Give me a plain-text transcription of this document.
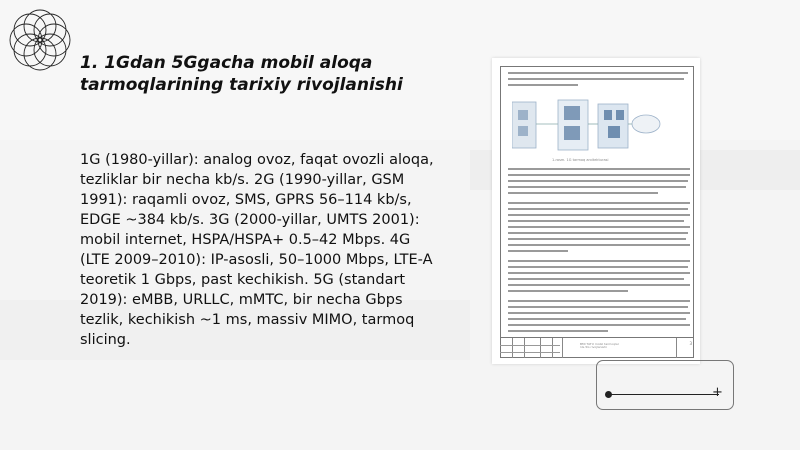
1. 1Gdan 5Ggacha mobil aloqa
tarmoqlarining tarixiy rivojlanishi
1G (1980-yillar): analog ovoz, faqat ovozli aloqa, tezliklar bir necha kb/s. 2G (1990-yillar, GSM 1991): raqamli ovoz, SMS, GPRS 56–114 kb/s, EDGE ~384 kb/s. 3G (2000-yillar, UMTS 2001): mobil internet, HSPA/HSPA+ 0.5–42 Mbps. 4G (LTE 2009–2010): IP-asosli, 50–1000 Mbps, LTE-A teoretik 1 Gbps, past kechikish. 5G (standart 2019): eMBB, URLLC, mMTC, bir necha Gbps tezlik, kechikish ~1 ms, massiv MIMO, tarmoq slicing.
1-rasm. 1G tarmoq arxitekturasi
BMI TATU mobil tarmoqlar 1G-5G rivojlanishi
3
+
